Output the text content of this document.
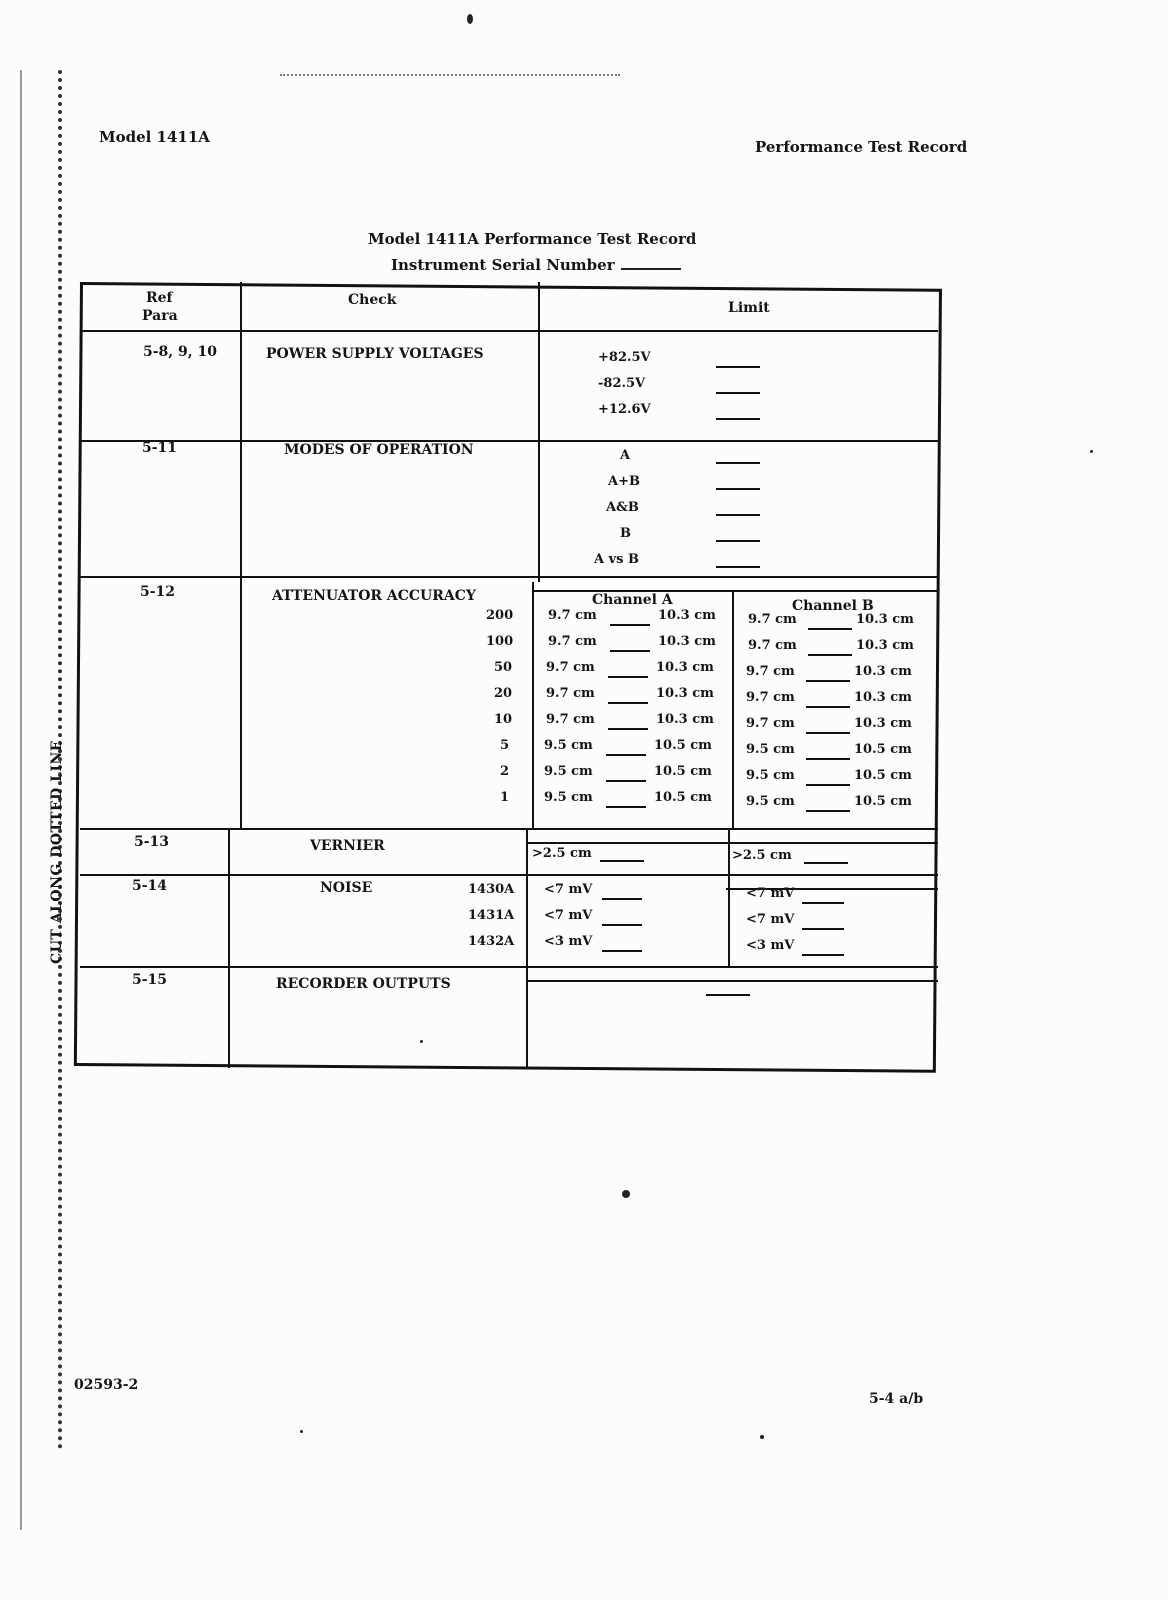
CUT ALONG DOTTED LINE
Model 1411A
Performance Test Record
Model 1411A Performance Test Record
Instrument Serial Number
Ref
Para
Check	Limit
5-8, 9, 10	POWER SUPPLY VOLTAGES	+82.5V
-82.5V
+12.6V
5-11	MODES OF OPERATION	A
A+B
A&B
B
A vs B
5-12	ATTENUATOR ACCURACY	Channel A	Channel B
200	9.7 cm	10.3 cm 9.7 cm	10.3 cm
100	9.7 cm	10.3 cm 9.7 cm	10.3 cm
50	9.7 cm	10.3 cm 9.7 cm	10.3 cm
20	9.7 cm	10.3 cm 9.7 cm	10.3 cm
10	9.7 cm	10.3 cm 9.7 cm	10.3 cm
5	9.5 cm	10.5 cm	9.5 cm	10.5 cm
2	9.5 cm	10.5 cm	9.5 cm	10.5 cm
1	9.5 cm	10.5 cm	9.5 cm	10.5 cm
5-13	VERNIER	>2.5 cm	>2.5 cm
5-14	NOISE	1430A <7 mV	<7 mV
1431A <7 mV	<7 mV
1432A <3 mV	<3 mV
5-15	RECORDER OUTPUTS
02593-2
5-4 a/b
